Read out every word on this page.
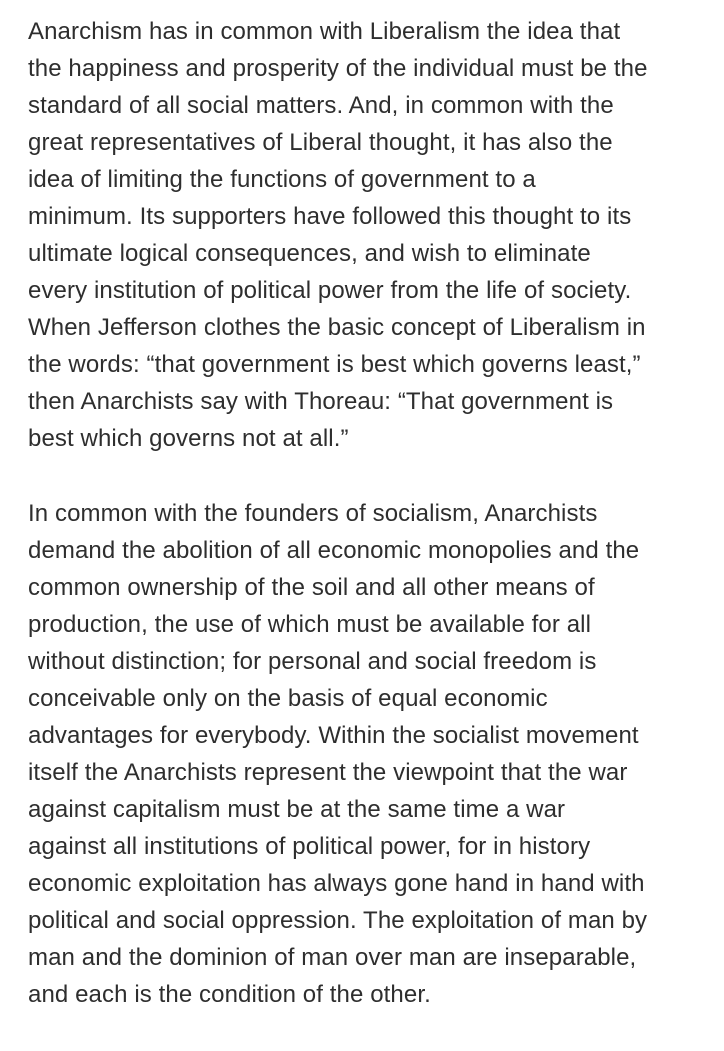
Anarchism has in common with Liberalism the idea that
the happiness and prosperity of the individual must be the
standard of all social matters. And, in common with the
great representatives of Liberal thought, it has also the
idea of limiting the functions of government to a
minimum. Its supporters have followed this thought to its
ultimate logical consequences, and wish to eliminate
every institution of political power from the life of society.
When Jefferson clothes the basic concept of Liberalism in
the words: “that government is best which governs least,”
then Anarchists say with Thoreau: “That government is
best which governs not at all.”
In common with the founders of socialism, Anarchists
demand the abolition of all economic monopolies and the
common ownership of the soil and all other means of
production, the use of which must be available for all
without distinction; for personal and social freedom is
conceivable only on the basis of equal economic
advantages for everybody. Within the socialist movement
itself the Anarchists represent the viewpoint that the war
against capitalism must be at the same time a war
against all institutions of political power, for in history
economic exploitation has always gone hand in hand with
political and social oppression. The exploitation of man by
man and the dominion of man over man are inseparable,
and each is the condition of the other.
